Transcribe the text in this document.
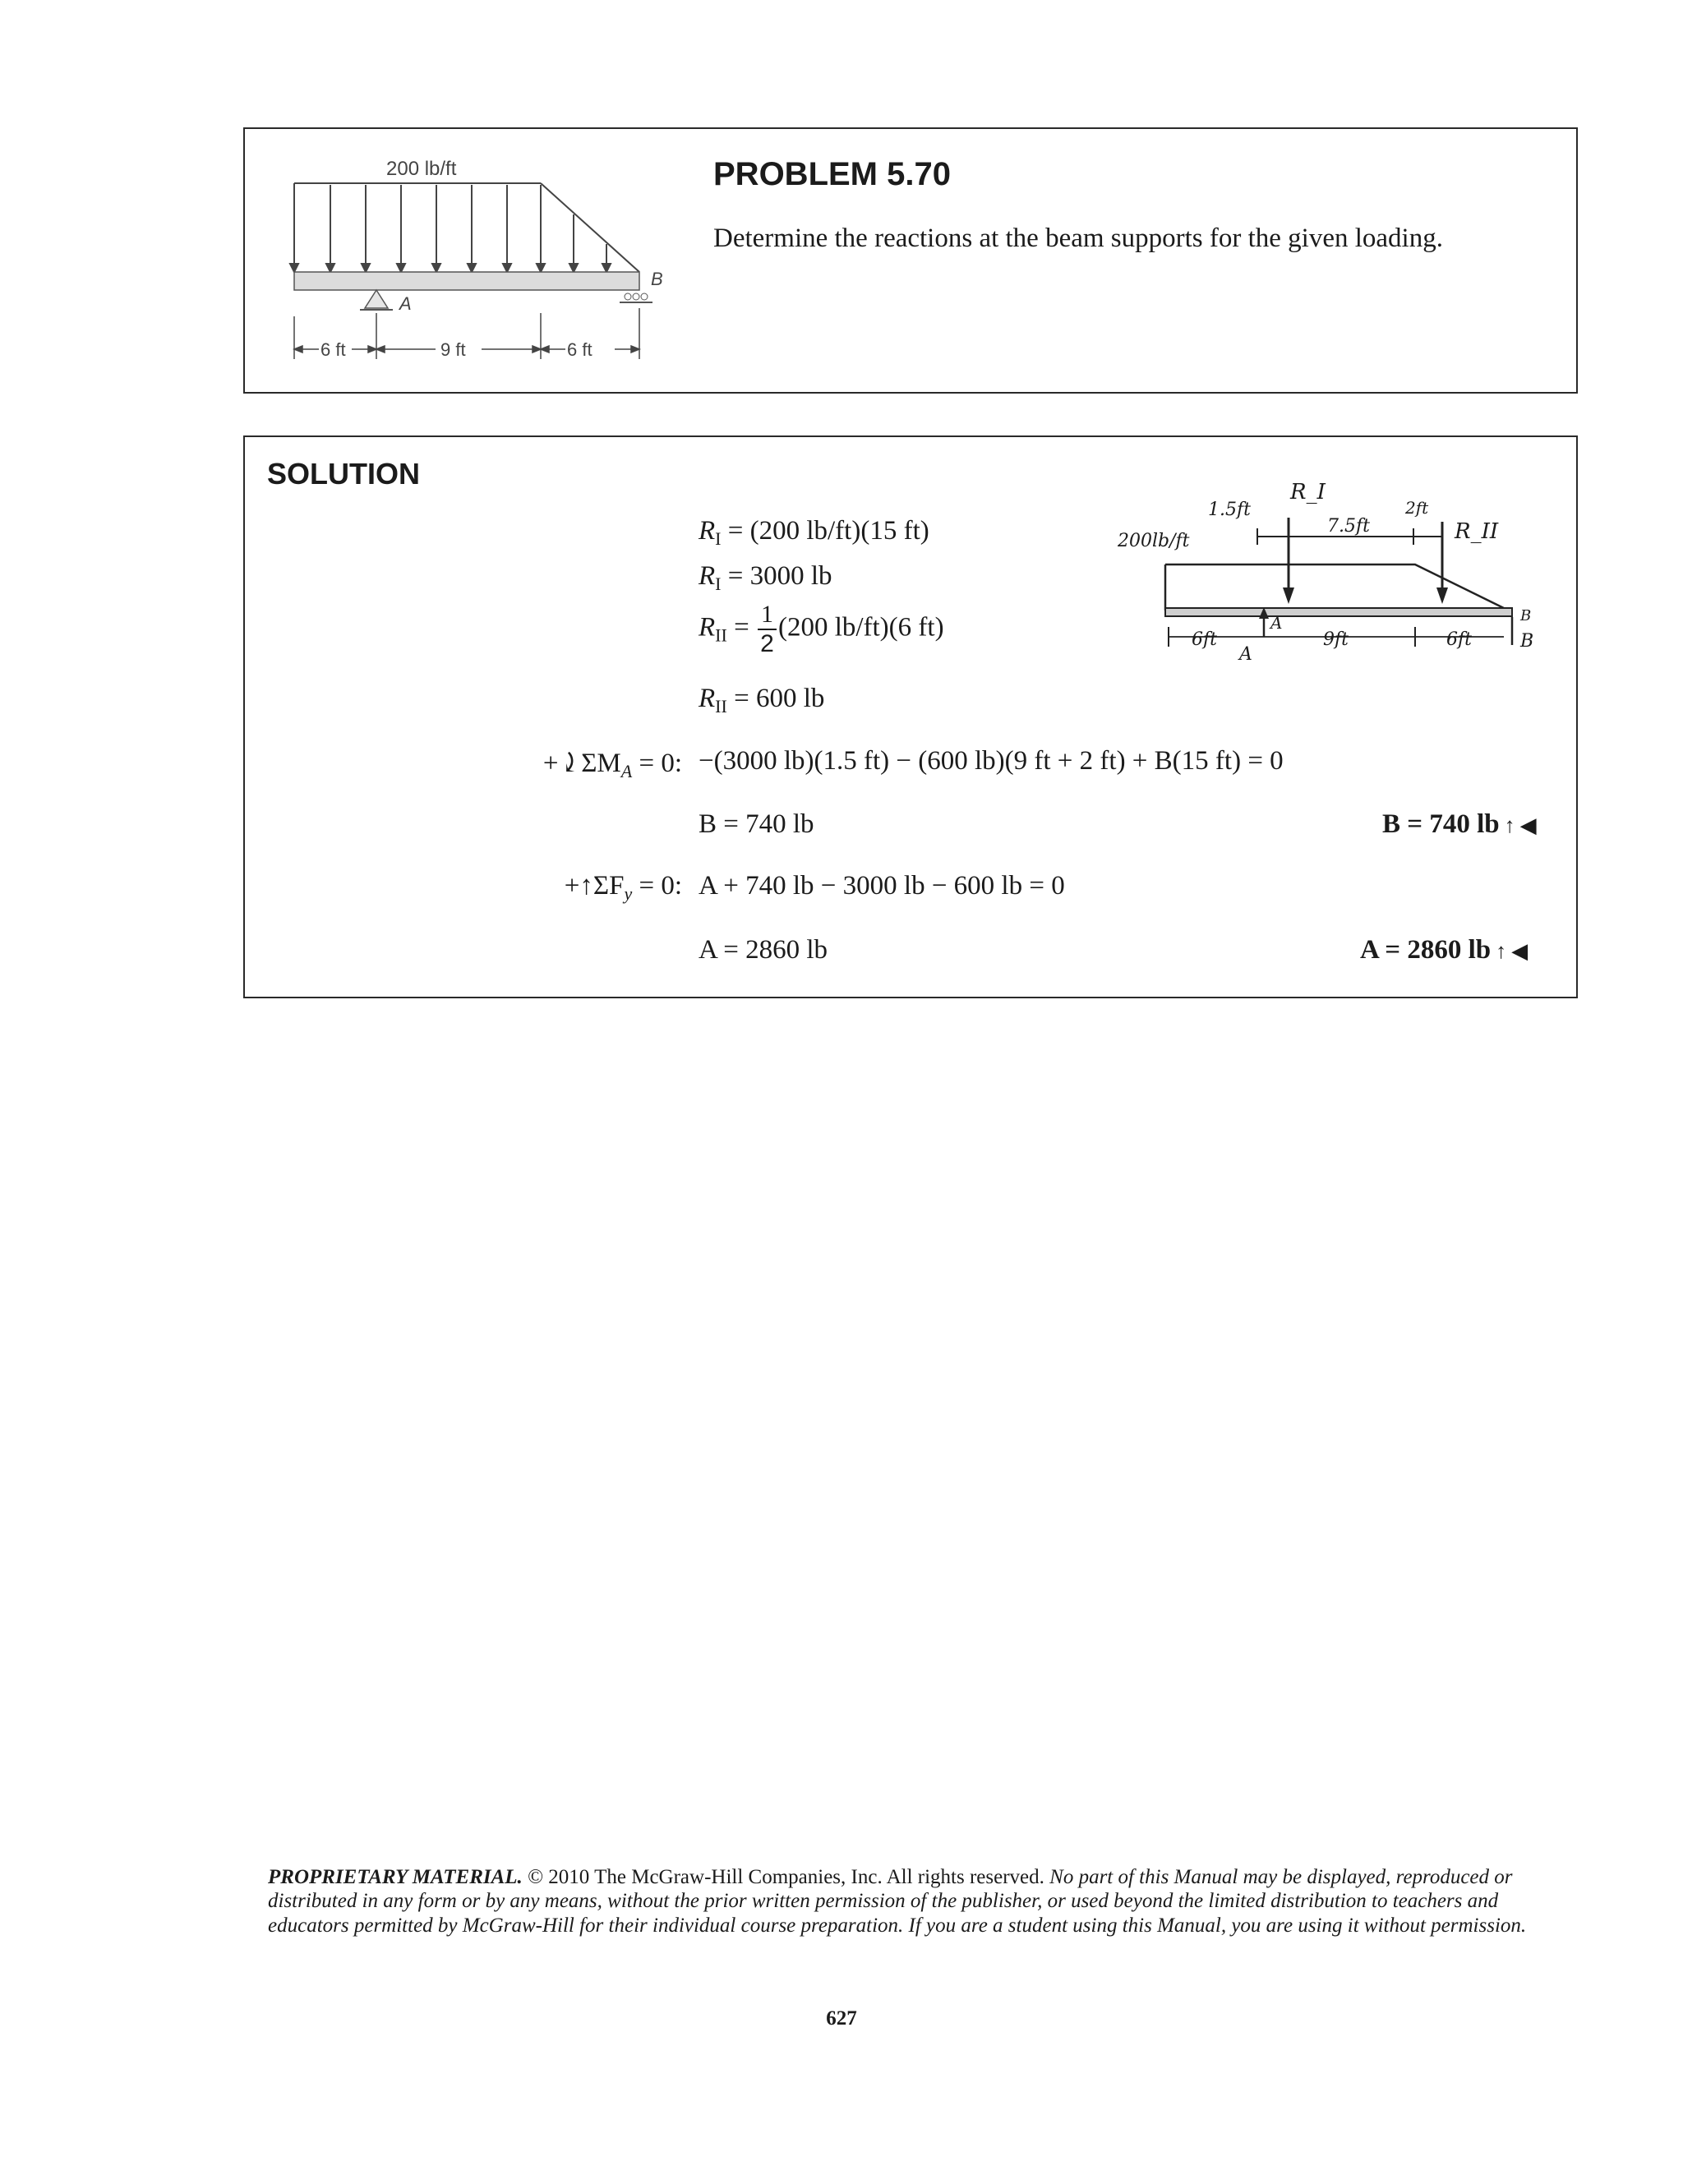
200 lb/ft
A
B
6 ft	9 ft	6 ft
PROBLEM 5.70
Determine the reactions at the beam supports for the given loading.
SOLUTION
$R_I = (200$ lb/ft)(15 ft)
$R_I = 3000$ lb
$R_{II} = \frac{1}{2} (200$ lb/ft)(6 ft)
$R_{II} = 600$ lb
$+⤸\Sigma M_A = 0$: −(3000 lb)(1.5 ft) − (600 lb)(9 ft + 2 ft) + B(15 ft) = 0
B = 740 lb	B = 740 lb ↑ ◀
$+↑\Sigma F_y = 0$: A + 740 lb − 3000 lb − 600 lb = 0
A = 2860 lb	A = 2860 lb ↑ ◀
200lb/ft
1.5ft
R_I
7.5ft
2ft
R_II
6ft
A
A
9ft	6ft
B
B
PROPRIETARY MATERIAL. © 2010 The McGraw-Hill Companies, Inc. All rights reserved. No part of this Manual may be displayed, reproduced or distributed in any form or by any means, without the prior written permission of the publisher, or used beyond the limited distribution to teachers and educators permitted by McGraw-Hill for their individual course preparation. If you are a student using this Manual, you are using it without permission.
627
